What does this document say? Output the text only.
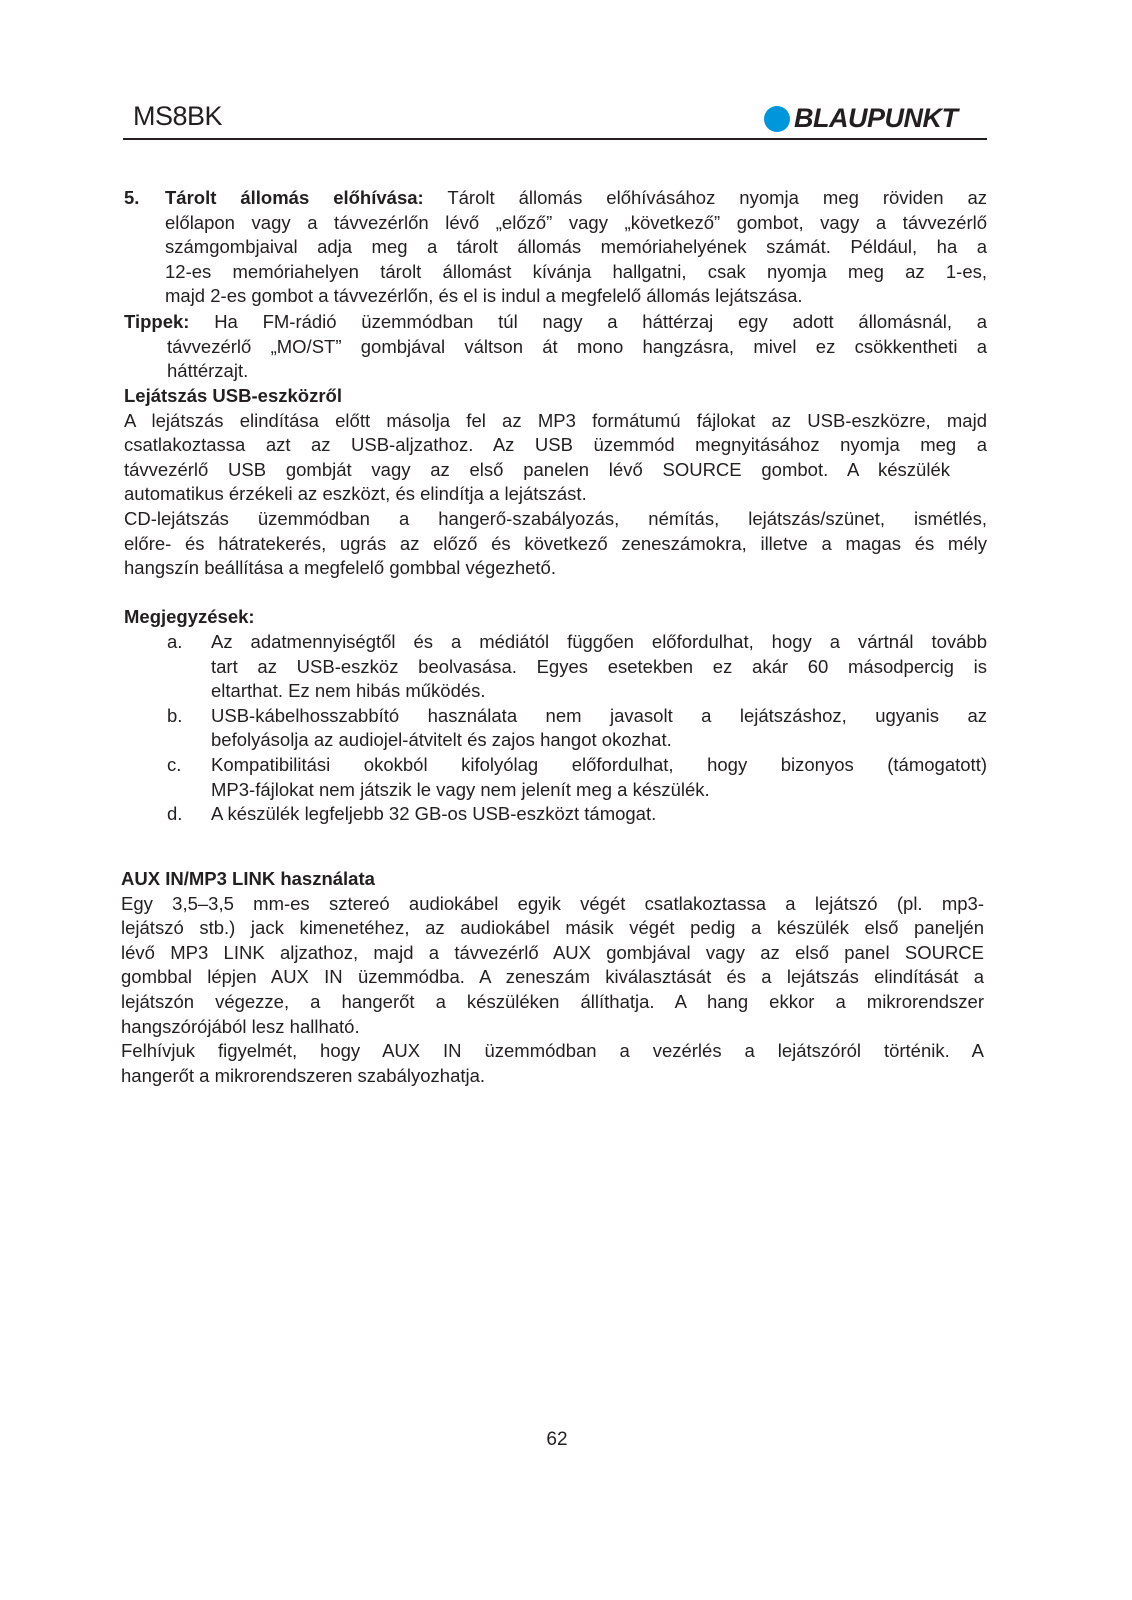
MS8BK	BLAUPUNKT
5. Tárolt állomás előhívása: Tárolt állomás előhívásához nyomja meg röviden az
előlapon vagy a távvezérlőn lévő „előző” vagy „következő” gombot, vagy a távvezérlő
számgombjaival adja meg a tárolt állomás memóriahelyének számát. Például, ha a
12-es memóriahelyen tárolt állomást kívánja hallgatni, csak nyomja meg az 1-es,
majd 2-es gombot a távvezérlőn, és el is indul a megfelelő állomás lejátszása.
Tippek: Ha FM-rádió üzemmódban túl nagy a háttérzaj egy adott állomásnál, a
távvezérlő „MO/ST” gombjával váltson át mono hangzásra, mivel ez csökkentheti a
háttérzajt.
Lejátszás USB-eszközről
A lejátszás elindítása előtt másolja fel az MP3 formátumú fájlokat az USB-eszközre, majd
csatlakoztassa azt az USB-aljzathoz. Az USB üzemmód megnyitásához nyomja meg a
távvezérlő USB gombját vagy az első panelen lévő SOURCE gombot. A készülék
automatikus érzékeli az eszközt, és elindítja a lejátszást.
CD-lejátszás üzemmódban a hangerő-szabályozás, némítás, lejátszás/szünet, ismétlés,
előre- és hátratekerés, ugrás az előző és következő zeneszámokra, illetve a magas és mély
hangszín beállítása a megfelelő gombbal végezhető.
Megjegyzések:
a. Az adatmennyiségtől és a médiától függően előfordulhat, hogy a vártnál tovább
tart az USB-eszköz beolvasása. Egyes esetekben ez akár 60 másodpercig is
eltarthat. Ez nem hibás működés.
b. USB-kábelhosszabbító használata nem javasolt a lejátszáshoz, ugyanis az
befolyásolja az audiojel-átvitelt és zajos hangot okozhat.
c. Kompatibilitási okokból kifolyólag előfordulhat, hogy bizonyos (támogatott)
MP3-fájlokat nem játszik le vagy nem jelenít meg a készülék.
d. A készülék legfeljebb 32 GB-os USB-eszközt támogat.
AUX IN/MP3 LINK használata
Egy 3,5–3,5 mm-es sztereó audiokábel egyik végét csatlakoztassa a lejátszó (pl. mp3-
lejátszó stb.) jack kimenetéhez, az audiokábel másik végét pedig a készülék első paneljén
lévő MP3 LINK aljzathoz, majd a távvezérlő AUX gombjával vagy az első panel SOURCE
gombbal lépjen AUX IN üzemmódba. A zeneszám kiválasztását és a lejátszás elindítását a
lejátszón végezze, a hangerőt a készüléken állíthatja. A hang ekkor a mikrorendszer
hangszórójából lesz hallható.
Felhívjuk figyelmét, hogy AUX IN üzemmódban a vezérlés a lejátszóról történik. A
hangerőt a mikrorendszeren szabályozhatja.
62
